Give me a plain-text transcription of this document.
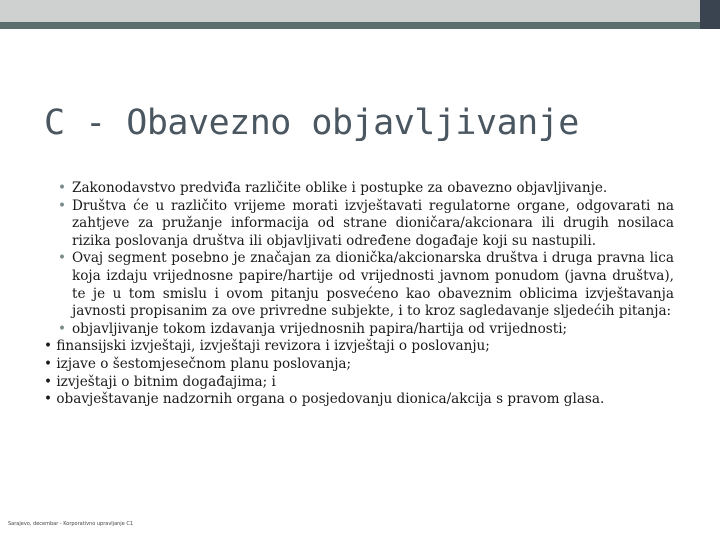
C - Obavezno objavljivanje
• Zakonodavstvo predviđa različite oblike i postupke za obavezno objavljivanje.
• Društva će u različito vrijeme morati izvještavati regulatorne organe, odgovarati na zahtjeve za pružanje informacija od strane dioničara/akcionara ili drugih nosilaca rizika poslovanja društva ili objavljivati određene događaje koji su nastupili.
• Ovaj segment posebno je značajan za dionička/akcionarska društva i druga pravna lica koja izdaju vrijednosne papire/hartije od vrijednosti javnom ponudom (javna društva), te je u tom smislu i ovom pitanju posvećeno kao obaveznim oblicima izvještavanja javnosti propisanim za ove privredne subjekte, i to kroz sagledavanje sljedećih pitanja:
• objavljivanje tokom izdavanja vrijednosnih papira/hartija od vrijednosti;
• finansijski izvještaji, izvještaji revizora i izvještaji o poslovanju;
• izjave o šestomjesečnom planu poslovanja;
• izvještaji o bitnim događajima; i
• obavještavanje nadzornih organa o posjedovanju dionica/akcija s pravom glasa.
Sarajevo, decembar - Korporativno upravljanje C1
